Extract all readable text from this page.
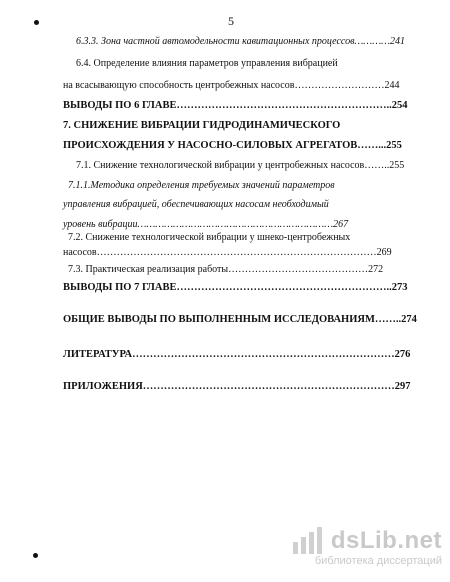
5
6.3.3. Зона частной автомодельности кавитационных процессов…………241
6.4. Определение влияния параметров управления вибрацией
на всасывающую способность центробежных насосов………………………244
ВЫВОДЫ ПО 6 ГЛАВЕ……………………………………………………..254
7. СНИЖЕНИЕ ВИБРАЦИИ ГИДРОДИНАМИЧЕСКОГО
ПРОИСХОЖДЕНИЯ У НАСОСНО-СИЛОВЫХ АГРЕГАТОВ……...255
7.1. Снижение технологической вибрации у центробежных насосов……..255
7.1.1.Методика определения требуемых значений параметров
управления вибрацией, обеспечивающих насосам необходимый
уровень вибрации…………………………………………………………267
7.2. Снижение технологической вибрации у шнеко-центробежных
насосов…………………………………………………………………………269
7.3. Практическая реализация работы……………………………………272
ВЫВОДЫ ПО 7 ГЛАВЕ……………………………………………………..273
ОБЩИЕ ВЫВОДЫ ПО ВЫПОЛНЕННЫМ ИССЛЕДОВАНИЯМ……..274
ЛИТЕРАТУРА…………………………………………………………………276
ПРИЛОЖЕНИЯ………………………………………………………………297
dsLib.net
библиотека диссертаций
